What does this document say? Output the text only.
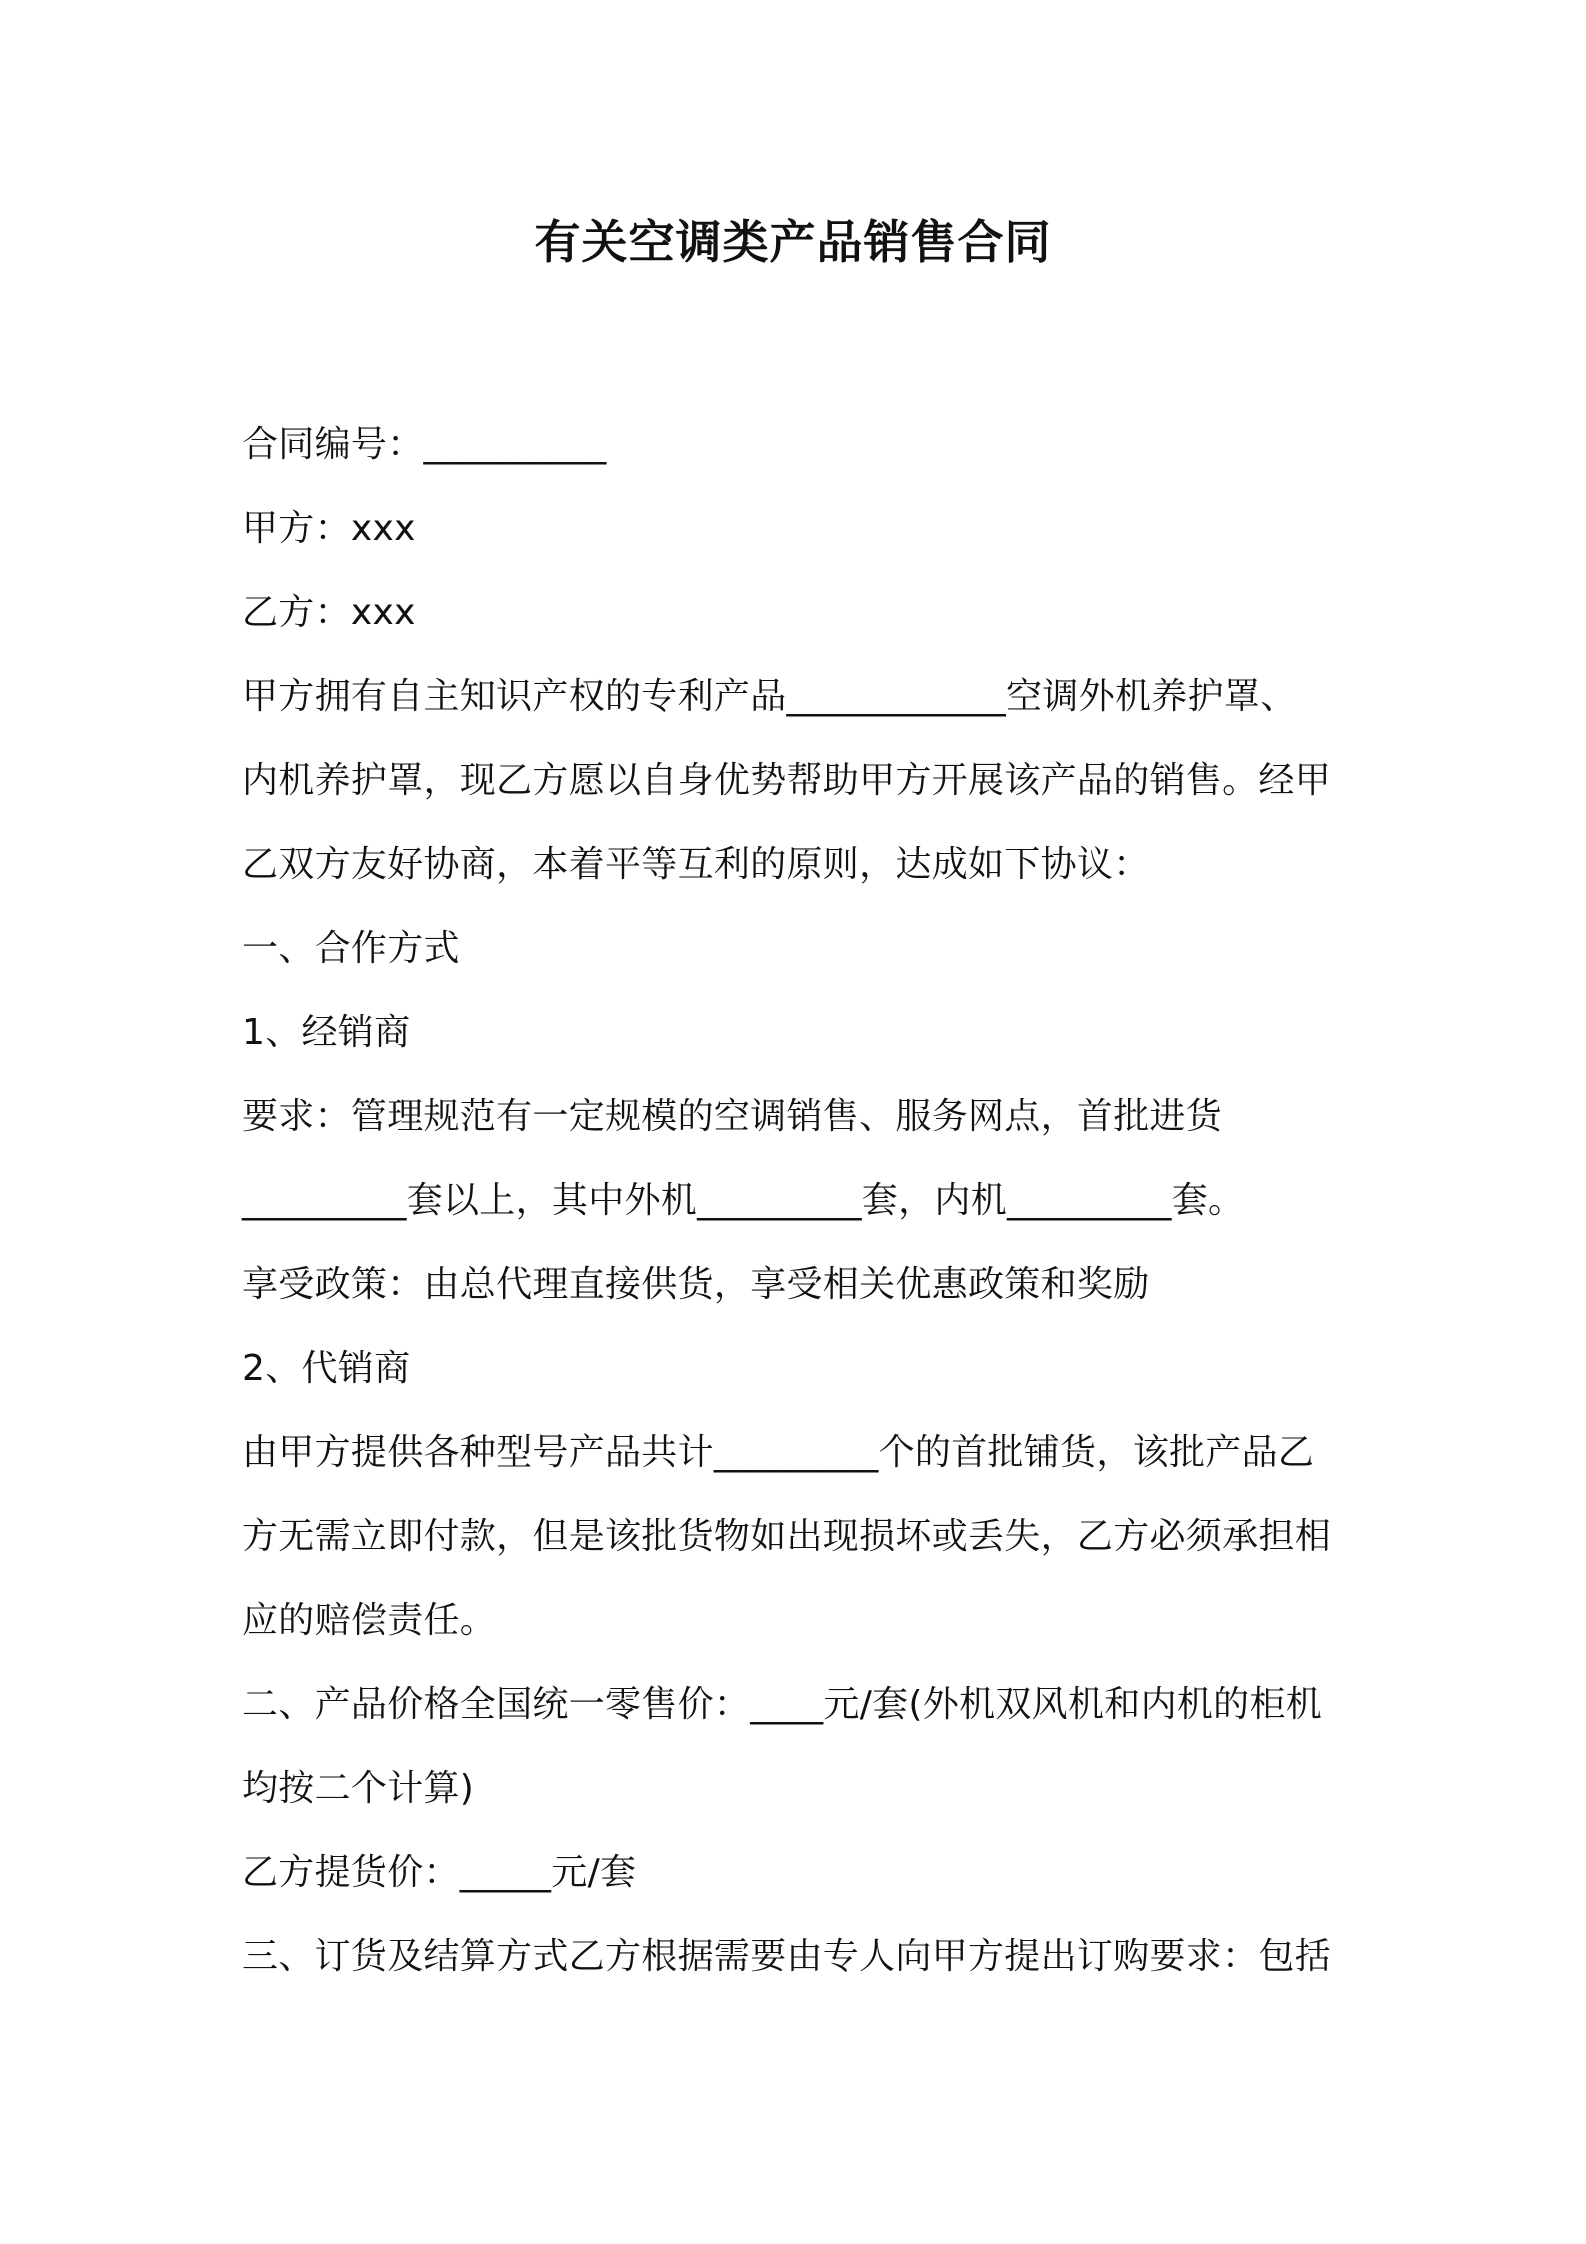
有关空调类产品销售合同
合同编号：__________
甲方：xxx
乙方：xxx
甲方拥有自主知识产权的专利产品____________空调外机养护罩、
内机养护罩，现乙方愿以自身优势帮助甲方开展该产品的销售。经甲
乙双方友好协商，本着平等互利的原则，达成如下协议：
一、合作方式
1、经销商
要求：管理规范有一定规模的空调销售、服务网点，首批进货
_________套以上，其中外机_________套，内机_________套。
享受政策：由总代理直接供货，享受相关优惠政策和奖励
2、代销商
由甲方提供各种型号产品共计_________个的首批铺货，该批产品乙
方无需立即付款，但是该批货物如出现损坏或丢失，乙方必须承担相
应的赔偿责任。
二、产品价格全国统一零售价：____元/套(外机双风机和内机的柜机
均按二个计算)
乙方提货价：_____元/套
三、订货及结算方式乙方根据需要由专人向甲方提出订购要求：包括
